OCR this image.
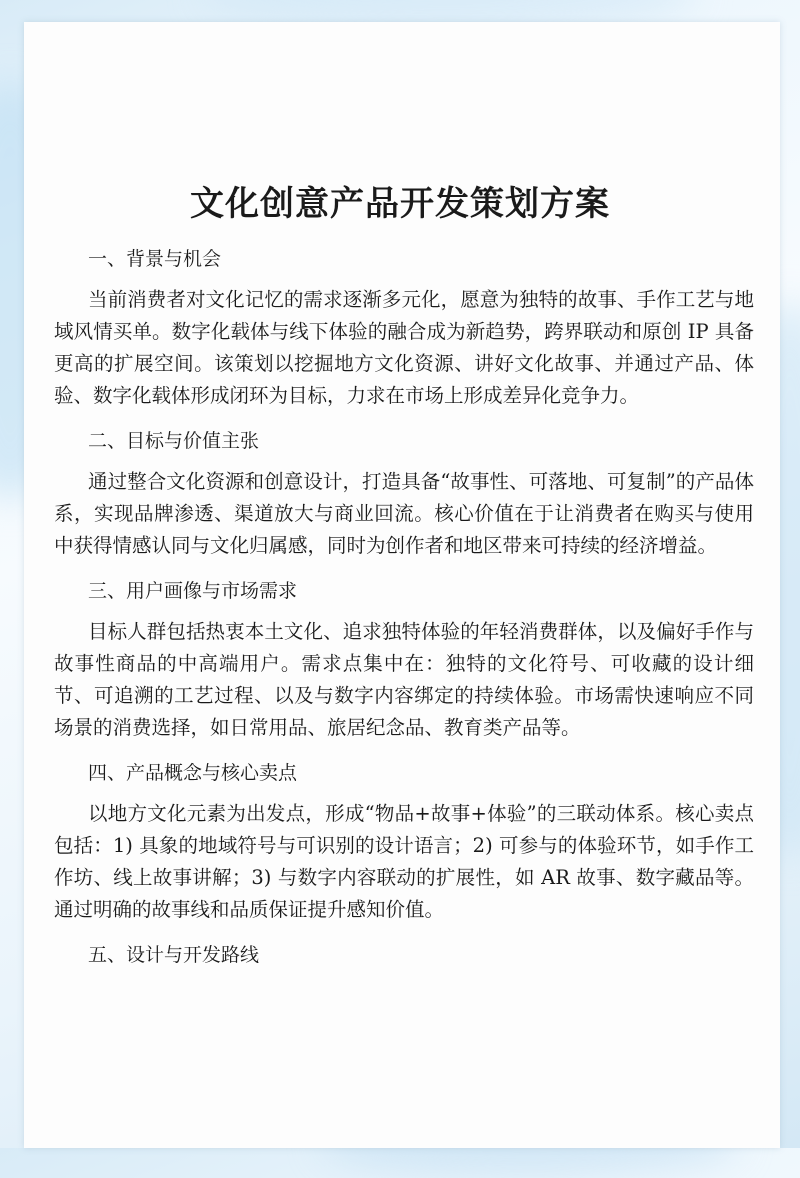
文化创意产品开发策划方案
一、背景与机会

当前消费者对文化记忆的需求逐渐多元化，愿意为独特的故事、手作工艺与地域风情买单。数字化载体与线下体验的融合成为新趋势，跨界联动和原创 IP 具备更高的扩展空间。该策划以挖掘地方文化资源、讲好文化故事、并通过产品、体验、数字化载体形成闭环为目标，力求在市场上形成差异化竞争力。

二、目标与价值主张

通过整合文化资源和创意设计，打造具备“故事性、可落地、可复制”的产品体系，实现品牌渗透、渠道放大与商业回流。核心价值在于让消费者在购买与使用中获得情感认同与文化归属感，同时为创作者和地区带来可持续的经济增益。

三、用户画像与市场需求

目标人群包括热衷本土文化、追求独特体验的年轻消费群体，以及偏好手作与故事性商品的中高端用户。需求点集中在：独特的文化符号、可收藏的设计细节、可追溯的工艺过程、以及与数字内容绑定的持续体验。市场需快速响应不同场景的消费选择，如日常用品、旅居纪念品、教育类产品等。

四、产品概念与核心卖点

以地方文化元素为出发点，形成“物品+故事+体验”的三联动体系。核心卖点包括：1) 具象的地域符号与可识别的设计语言；2) 可参与的体验环节，如手作工作坊、线上故事讲解；3) 与数字内容联动的扩展性，如 AR 故事、数字藏品等。通过明确的故事线和品质保证提升感知价值。

五、设计与开发路线
